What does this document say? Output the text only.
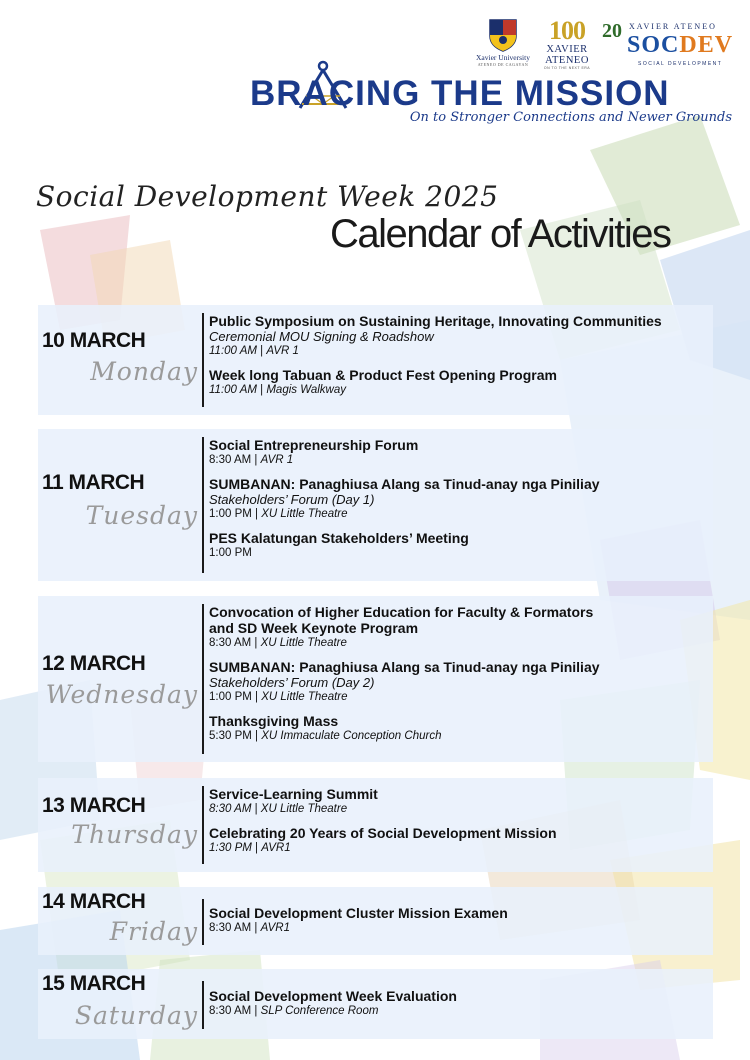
Xavier University
ATENEO DE CAGAYAN
100
XAVIER
ATENEO
ON TO THE NEXT ERA
20 XAVIER ATENEO
SOCDEV
SOCIAL DEVELOPMENT
BRACING THE MISSION
On to Stronger Connections and Newer Grounds
Social Development Week 2025
Calendar of Activities
10 MARCH
Monday
Public Symposium on Sustaining Heritage, Innovating Communities
Ceremonial MOU Signing & Roadshow
11:00 AM | AVR 1
Week long Tabuan & Product Fest Opening Program
11:00 AM | Magis Walkway
11 MARCH
Tuesday
Social Entrepreneurship Forum
8:30 AM | AVR 1
SUMBANAN: Panaghiusa Alang sa Tinud-anay nga Piniliay
Stakeholders’ Forum (Day 1)
1:00 PM | XU Little Theatre
PES Kalatungan Stakeholders’ Meeting
1:00 PM
12 MARCH
Wednesday
Convocation of Higher Education for Faculty & Formators
and SD Week Keynote Program
8:30 AM | XU Little Theatre
SUMBANAN: Panaghiusa Alang sa Tinud-anay nga Piniliay
Stakeholders’ Forum (Day 2)
1:00 PM | XU Little Theatre
Thanksgiving Mass
5:30 PM | XU Immaculate Conception Church
13 MARCH
Thursday
Service-Learning Summit
8:30 AM | XU Little Theatre
Celebrating 20 Years of Social Development Mission
1:30 PM | AVR1
14 MARCH
Friday
Social Development Cluster Mission Examen
8:30 AM | AVR1
15 MARCH
Saturday
Social Development Week Evaluation
8:30 AM | SLP Conference Room
